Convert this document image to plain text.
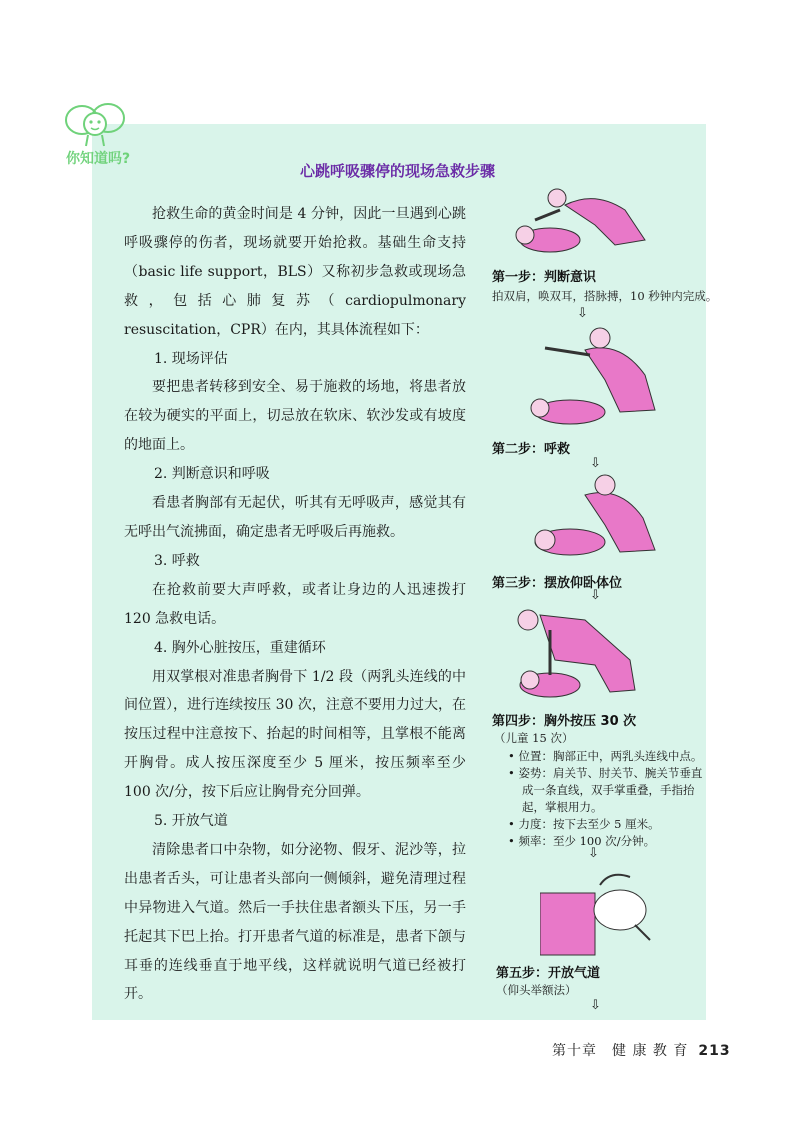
你知道吗?
心跳呼吸骤停的现场急救步骤

抢救生命的黄金时间是 4 分钟，因此一旦遇到心跳呼吸骤停的伤者，现场就要开始抢救。基础生命支持（basic life support，BLS）又称初步急救或现场急救，包括心肺复苏（cardiopulmonary resuscitation，CPR）在内，其具体流程如下：

1. 现场评估

要把患者转移到安全、易于施救的场地，将患者放在较为硬实的平面上，切忌放在软床、软沙发或有坡度的地面上。

2. 判断意识和呼吸

看患者胸部有无起伏，听其有无呼吸声，感觉其有无呼出气流拂面，确定患者无呼吸后再施救。

3. 呼救

在抢救前要大声呼救，或者让身边的人迅速拨打 120 急救电话。

4. 胸外心脏按压，重建循环

用双掌根对准患者胸骨下 1/2 段（两乳头连线的中间位置），进行连续按压 30 次，注意不要用力过大，在按压过程中注意按下、抬起的时间相等，且掌根不能离开胸骨。成人按压深度至少 5 厘米，按压频率至少 100 次/分，按下后应让胸骨充分回弹。

5. 开放气道

清除患者口中杂物，如分泌物、假牙、泥沙等，拉出患者舌头，可让患者头部向一侧倾斜，避免清理过程中异物进入气道。然后一手扶住患者额头下压，另一手托起其下巴上抬。打开患者气道的标准是，患者下颌与耳垂的连线垂直于地平线，这样就说明气道已经被打开。

第一步：判断意识
拍双肩，唤双耳，搭脉搏，10 秒钟内完成。
⇩
第二步：呼救
⇩
第三步：摆放仰卧体位
⇩
第四步：胸外按压 30 次
（儿童 15 次）
• 位置：胸部正中，两乳头连线中点。
• 姿势：肩关节、肘关节、腕关节垂直成一条直线，双手掌重叠，手指抬起，掌根用力。
• 力度：按下去至少 5 厘米。
• 频率：至少 100 次/分钟。
⇩
第五步：开放气道
（仰头举额法）
⇩
第十章　健 康 教 育 213
